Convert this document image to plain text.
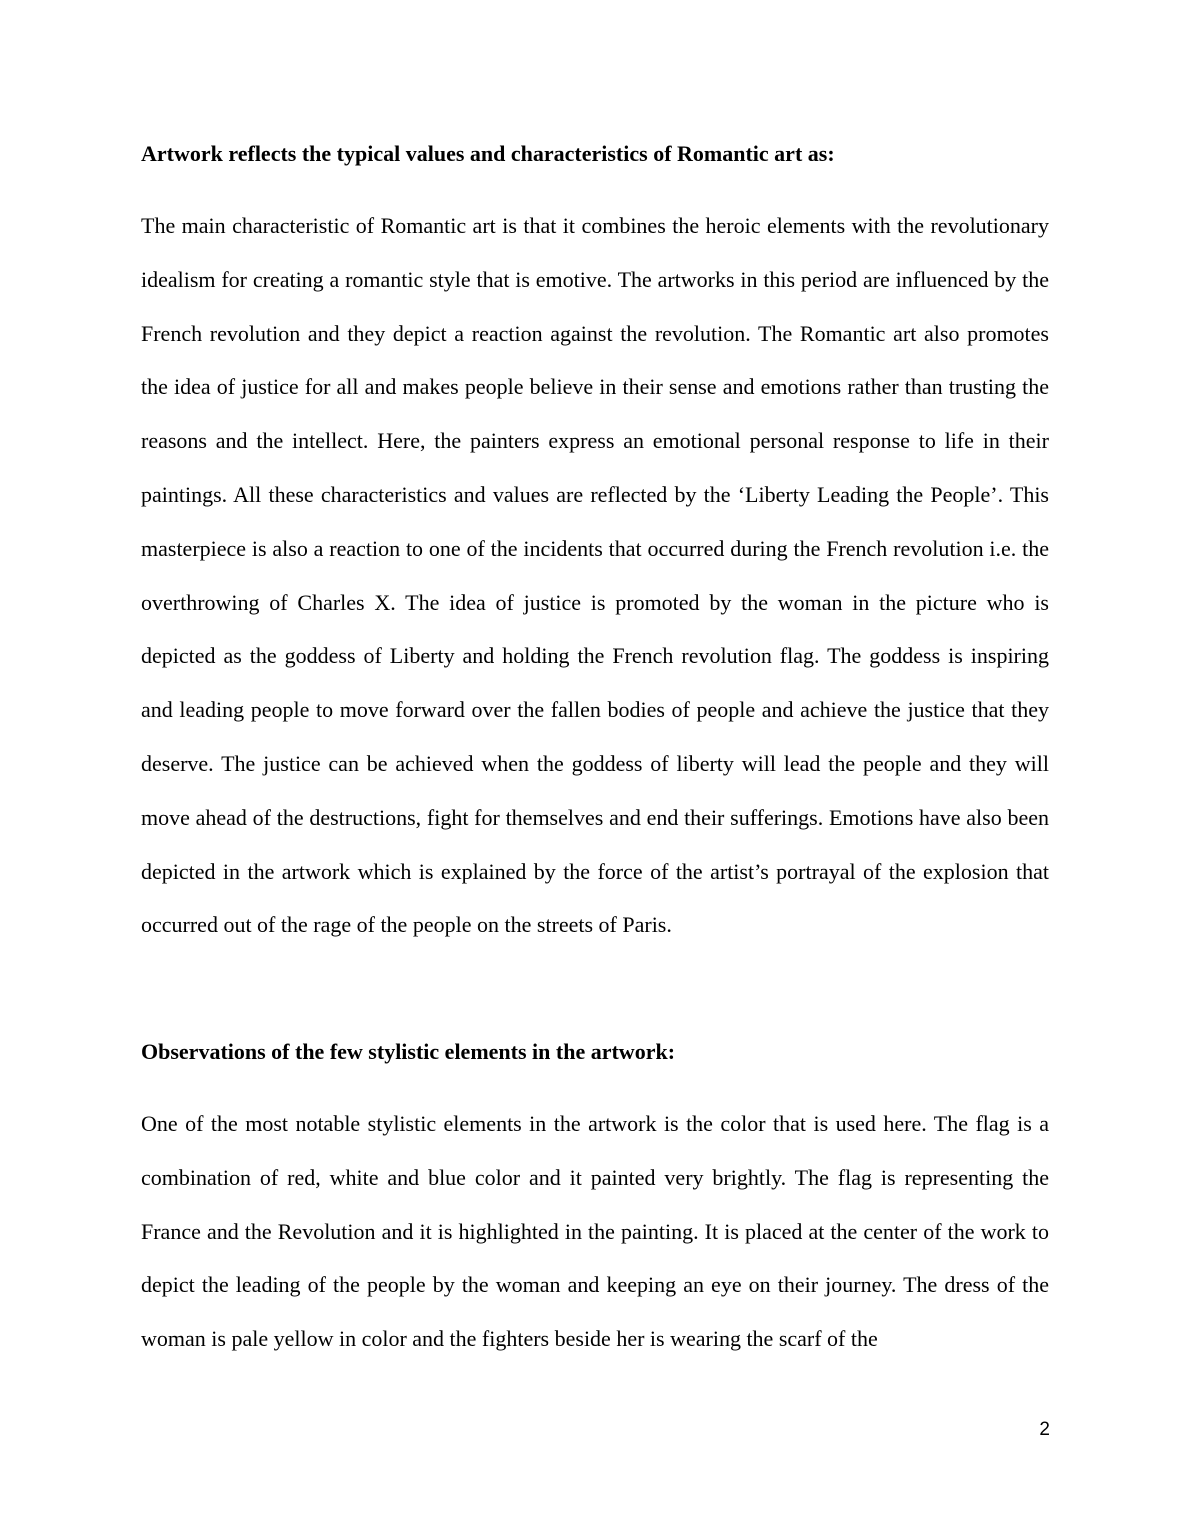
Artwork reflects the typical values and characteristics of Romantic art as:

The main characteristic of Romantic art is that it combines the heroic elements with the revolutionary idealism for creating a romantic style that is emotive. The artworks in this period are influenced by the French revolution and they depict a reaction against the revolution. The Romantic art also promotes the idea of justice for all and makes people believe in their sense and emotions rather than trusting the reasons and the intellect. Here, the painters express an emotional personal response to life in their paintings. All these characteristics and values are reflected by the ‘Liberty Leading the People’. This masterpiece is also a reaction to one of the incidents that occurred during the French revolution i.e. the overthrowing of Charles X. The idea of justice is promoted by the woman in the picture who is depicted as the goddess of Liberty and holding the French revolution flag. The goddess is inspiring and leading people to move forward over the fallen bodies of people and achieve the justice that they deserve. The justice can be achieved when the goddess of liberty will lead the people and they will move ahead of the destructions, fight for themselves and end their sufferings. Emotions have also been depicted in the artwork which is explained by the force of the artist’s portrayal of the explosion that occurred out of the rage of the people on the streets of Paris.

Observations of the few stylistic elements in the artwork:

One of the most notable stylistic elements in the artwork is the color that is used here. The flag is a combination of red, white and blue color and it painted very brightly. The flag is representing the France and the Revolution and it is highlighted in the painting. It is placed at the center of the work to depict the leading of the people by the woman and keeping an eye on their journey. The dress of the woman is pale yellow in color and the fighters beside her is wearing the scarf of the

2
